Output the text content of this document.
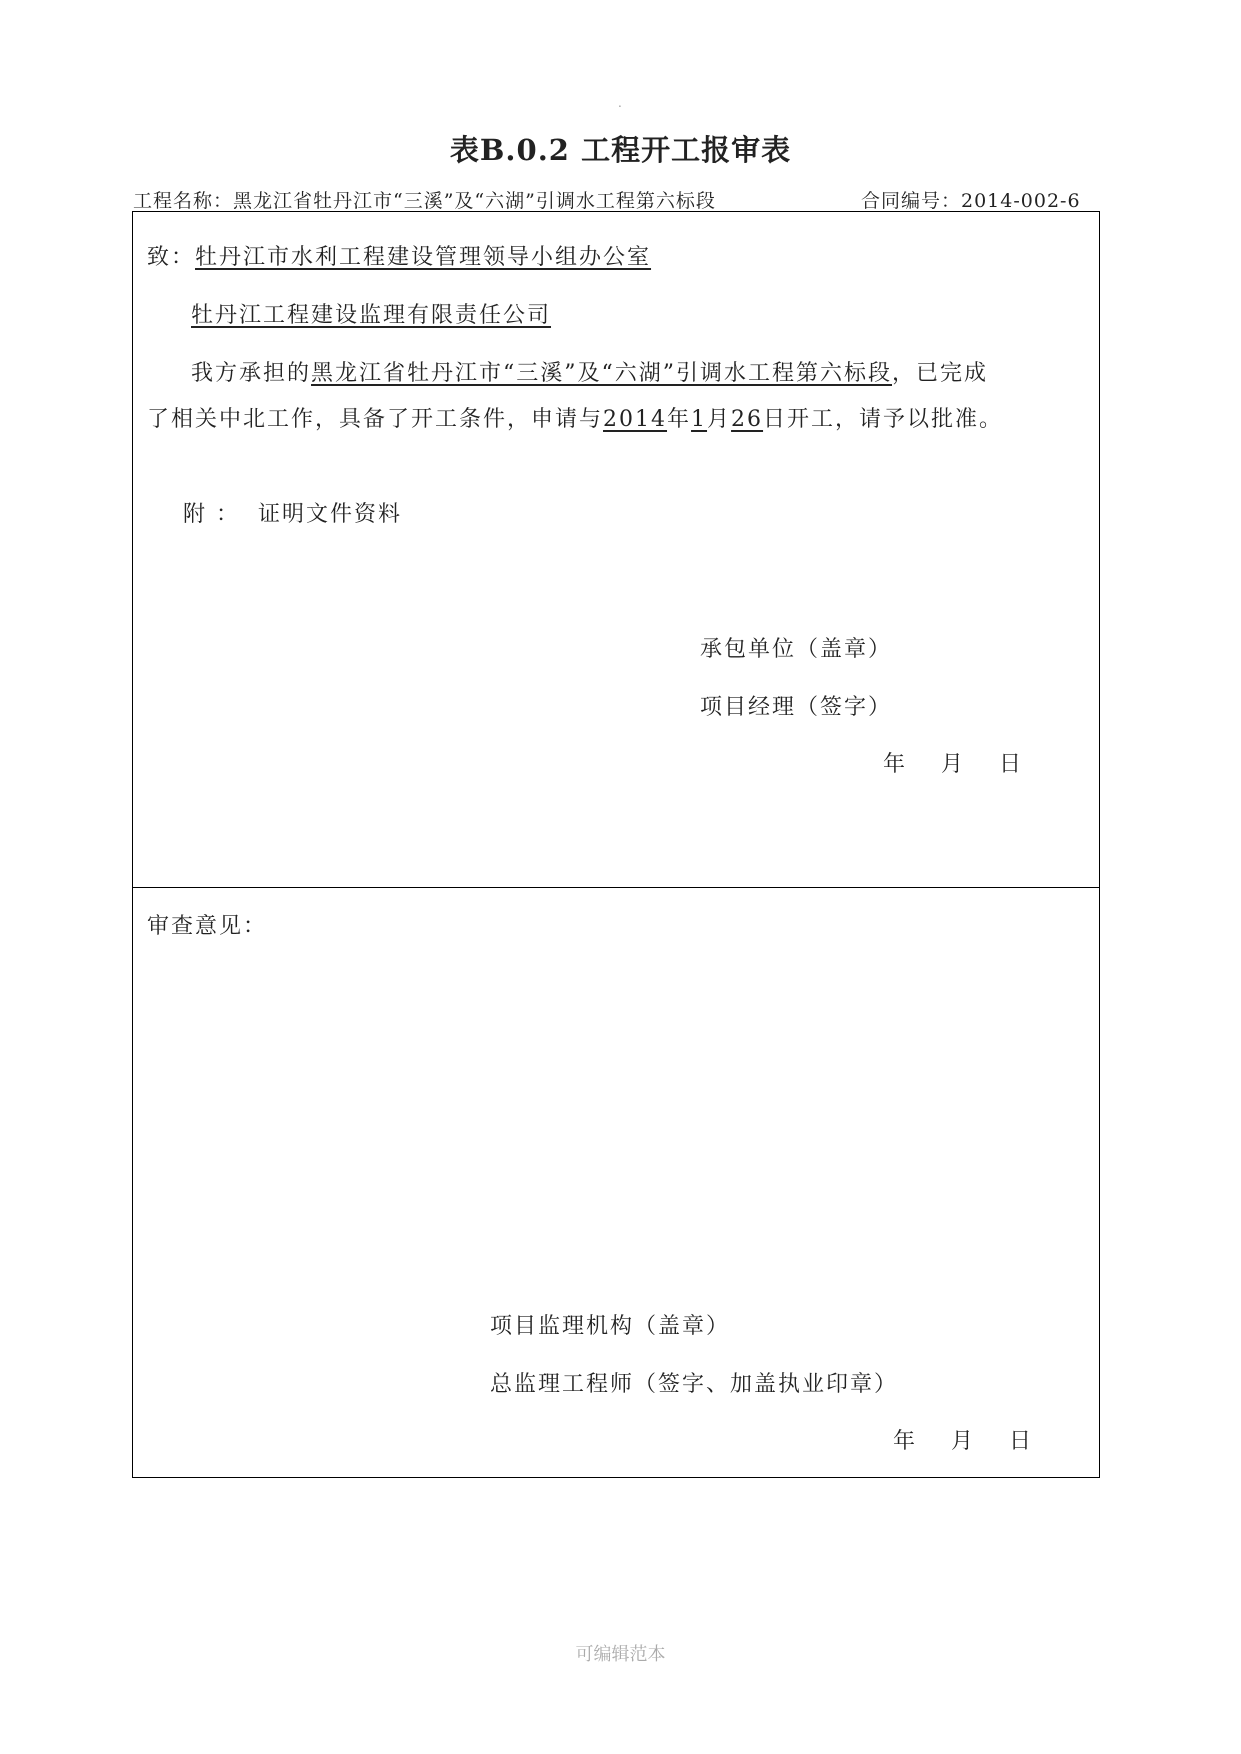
.
表B.0.2 工程开工报审表
工程名称：黑龙江省牡丹江市“三溪”及“六湖”引调水工程第六标段	合同编号：2014-002-6
致：牡丹江市水利工程建设管理领导小组办公室
牡丹江工程建设监理有限责任公司
我方承担的黑龙江省牡丹江市“三溪”及“六湖”引调水工程第六标段，已完成
了相关中北工作，具备了开工条件，申请与2014年1月26日开工，请予以批准。
附 ： 证明文件资料
承包单位（盖章）
项目经理（签字）
年 月 日
审查意见：
项目监理机构（盖章）
总监理工程师（签字、加盖执业印章）
年 月 日
可编辑范本
